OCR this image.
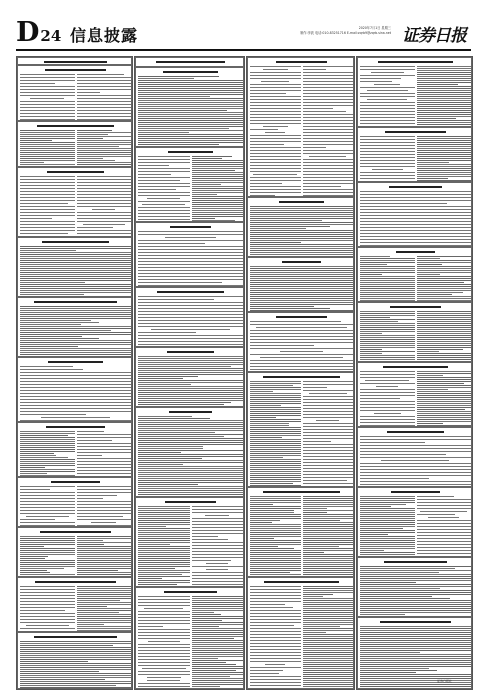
D24 信息披露	2020年7月1日 星期三
制作:李波 电话:010-83251716 E-mail:zqrb9@zqrb.sina.net 证券日报
证券日报社
